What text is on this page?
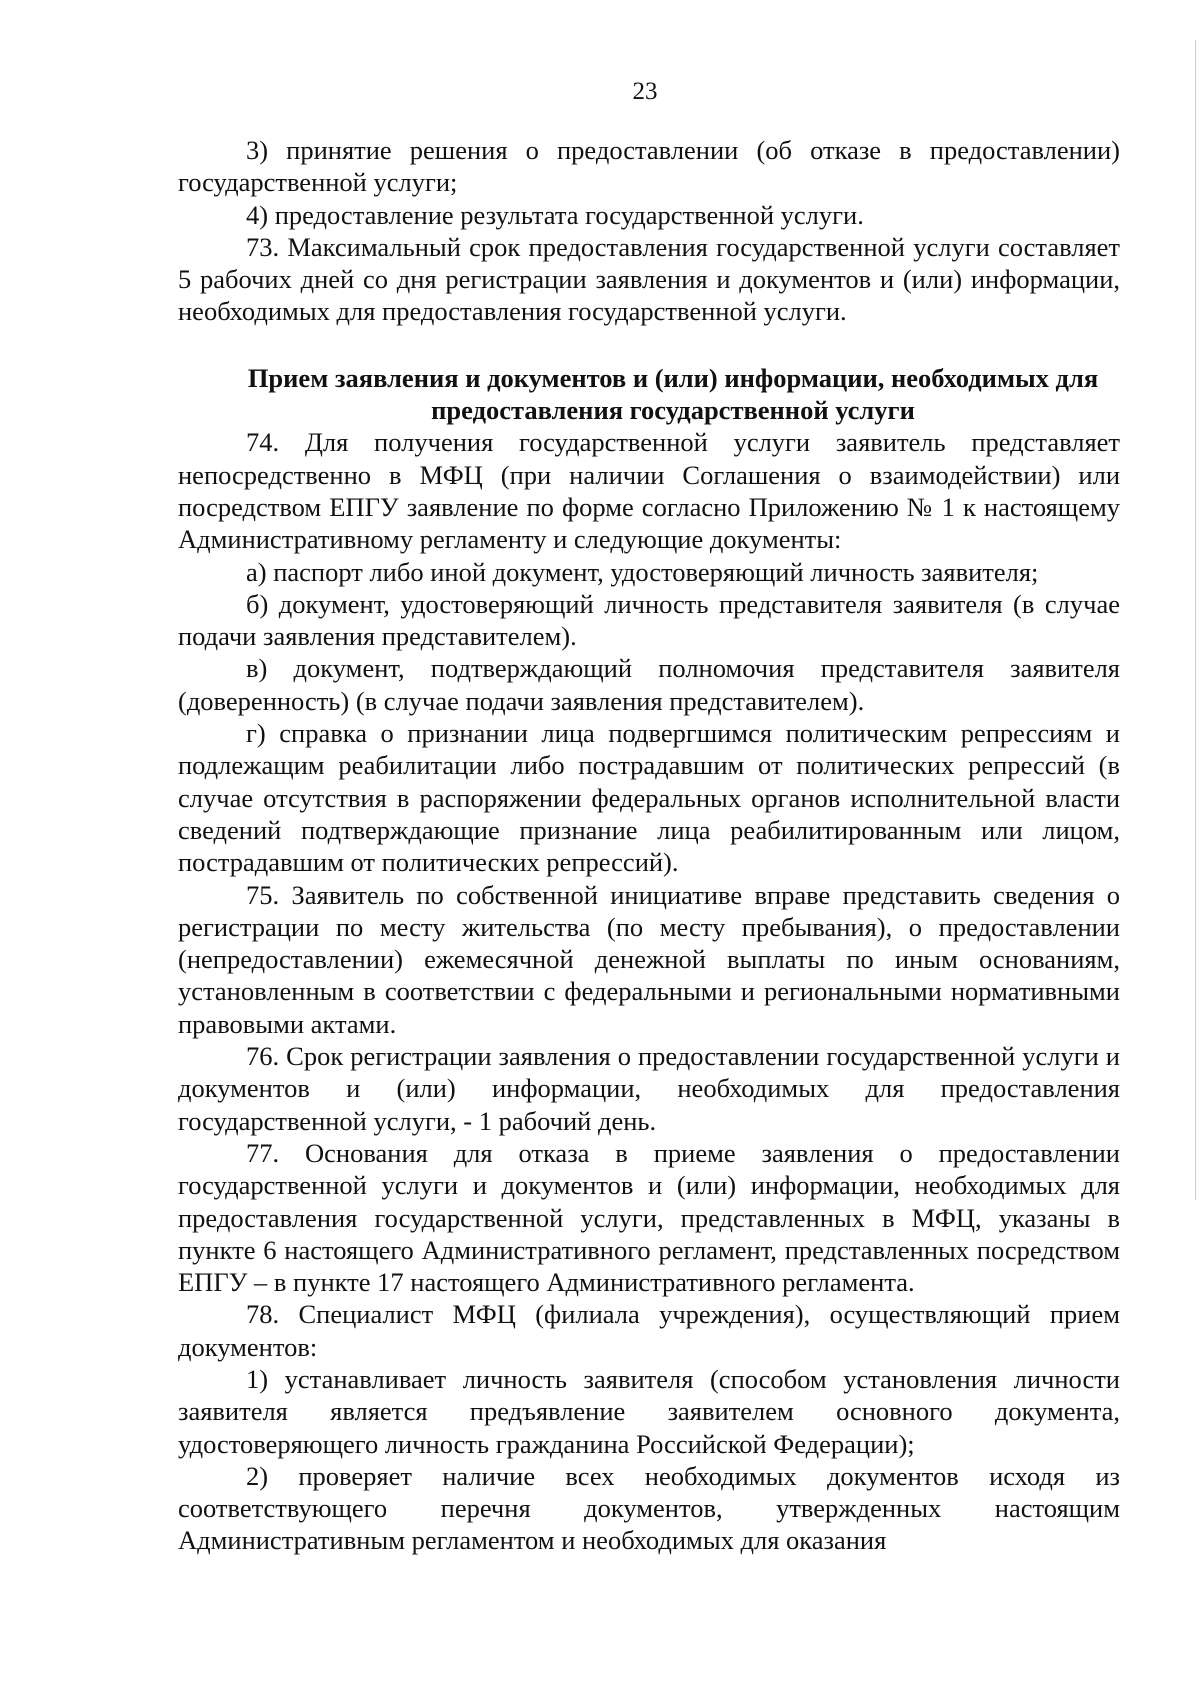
23

3) принятие решения о предоставлении (об отказе в предоставлении) государственной услуги;

4) предоставление результата государственной услуги.

73. Максимальный срок предоставления государственной услуги составляет 5 рабочих дней со дня регистрации заявления и документов и (или) информации, необходимых для предоставления государственной услуги.

Прием заявления и документов и (или) информации, необходимых для предоставления государственной услуги

74. Для получения государственной услуги заявитель представляет непосредственно в МФЦ (при наличии Соглашения о взаимодействии) или посредством ЕПГУ заявление по форме согласно Приложению № 1 к настоящему Административному регламенту и следующие документы:

а) паспорт либо иной документ, удостоверяющий личность заявителя;

б) документ, удостоверяющий личность представителя заявителя (в случае подачи заявления представителем).

в) документ, подтверждающий полномочия представителя заявителя (доверенность) (в случае подачи заявления представителем).

г) справка о признании лица подвергшимся политическим репрессиям и подлежащим реабилитации либо пострадавшим от политических репрессий (в случае отсутствия в распоряжении федеральных органов исполнительной власти сведений подтверждающие признание лица реабилитированным или лицом, пострадавшим от политических репрессий).

75. Заявитель по собственной инициативе вправе представить сведения о регистрации по месту жительства (по месту пребывания), о предоставлении (непредоставлении) ежемесячной денежной выплаты по иным основаниям, установленным в соответствии с федеральными и региональными нормативными правовыми актами.

76. Срок регистрации заявления о предоставлении государственной услуги и документов и (или) информации, необходимых для предоставления государственной услуги, - 1 рабочий день.

77. Основания для отказа в приеме заявления о предоставлении государственной услуги и документов и (или) информации, необходимых для предоставления государственной услуги, представленных в МФЦ, указаны в пункте 6 настоящего Административного регламент, представленных посредством ЕПГУ – в пункте 17 настоящего Административного регламента.

78. Специалист МФЦ (филиала учреждения), осуществляющий прием документов:

1) устанавливает личность заявителя (способом установления личности заявителя является предъявление заявителем основного документа, удостоверяющего личность гражданина Российской Федерации);

2) проверяет наличие всех необходимых документов исходя из соответствующего перечня документов, утвержденных настоящим Административным регламентом и необходимых для оказания
